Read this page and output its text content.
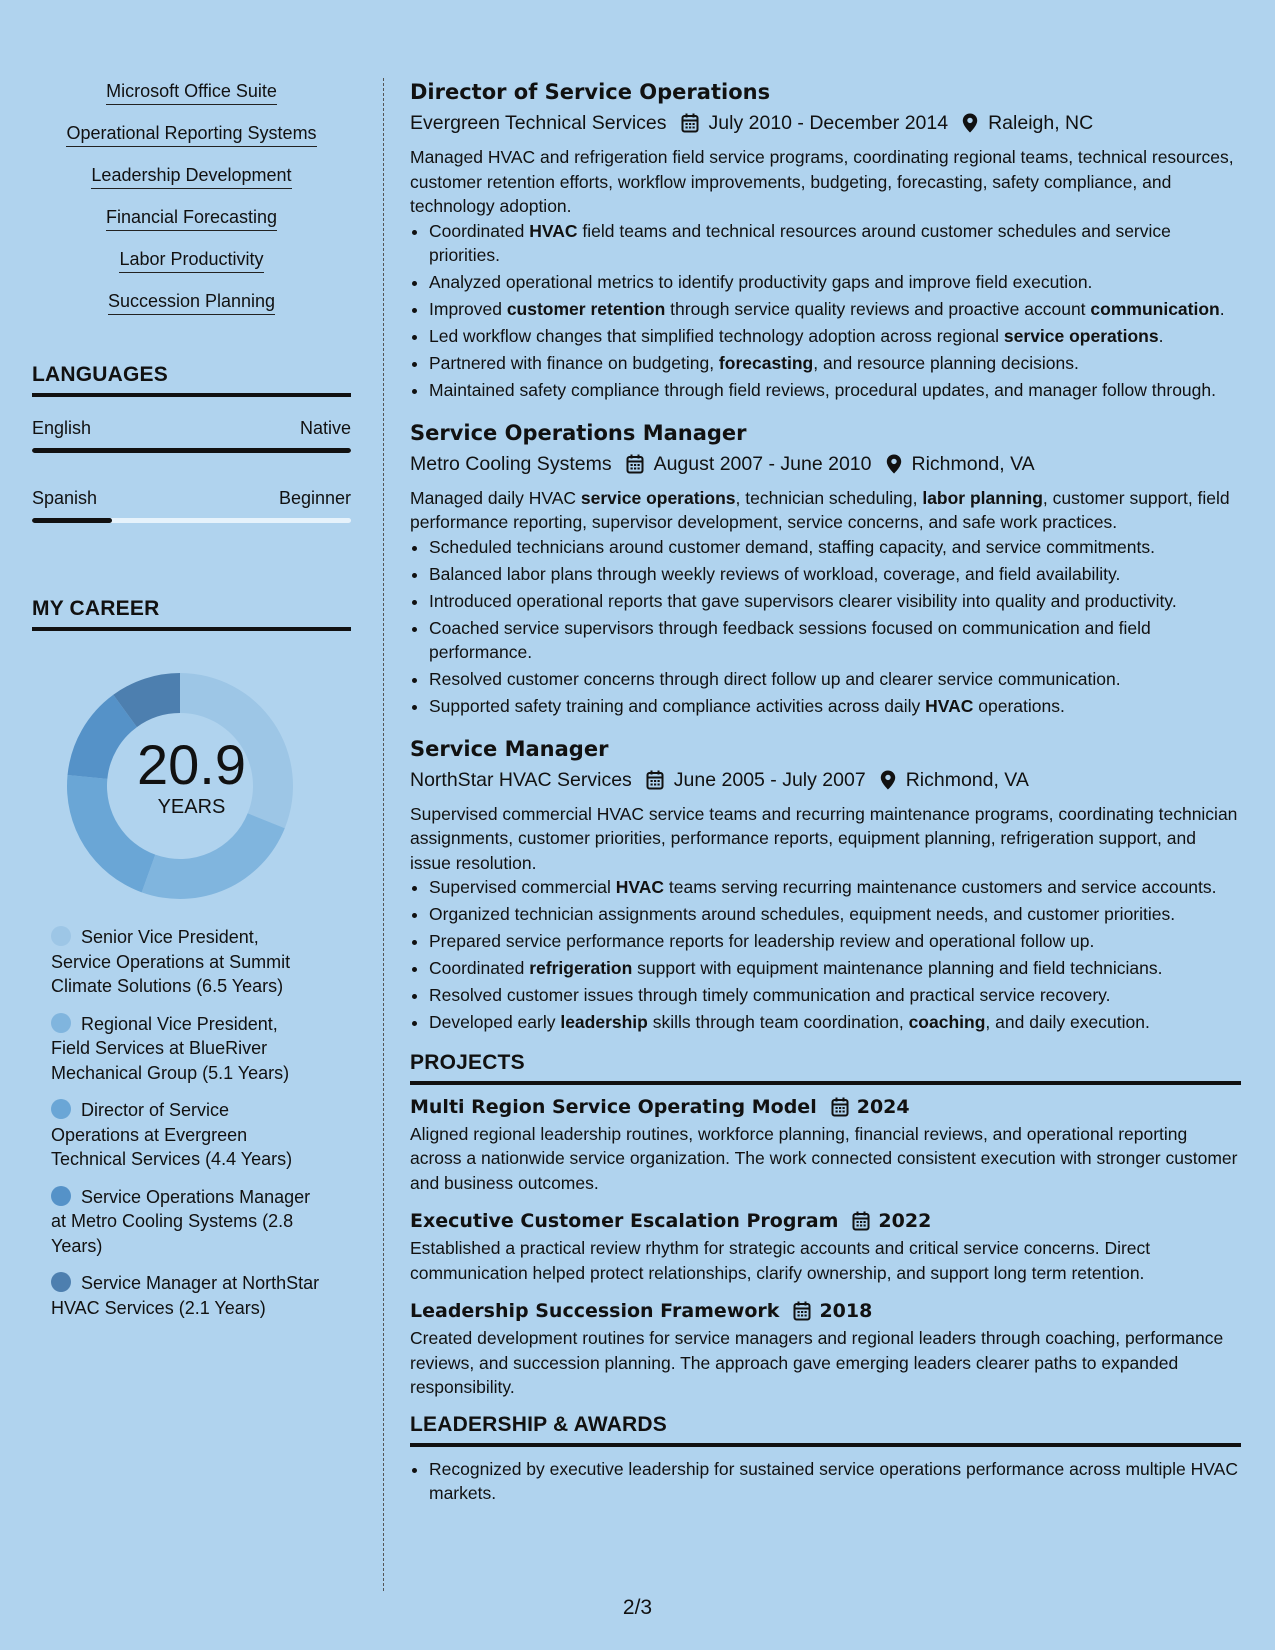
Microsoft Office Suite
Operational Reporting Systems
Leadership Development
Financial Forecasting
Labor Productivity
Succession Planning
LANGUAGES
English	Native
Spanish	Beginner
MY CAREER
20.9
YEARS
Senior Vice President, Service Operations at Summit Climate Solutions (6.5 Years)
Regional Vice President, Field Services at BlueRiver Mechanical Group (5.1 Years)
Director of Service Operations at Evergreen Technical Services (4.4 Years)
Service Operations Manager at Metro Cooling Systems (2.8 Years)
Service Manager at NorthStar HVAC Services (2.1 Years)
Director of Service Operations
Evergreen Technical Services July 2010 - December 2014 Raleigh, NC
Managed HVAC and refrigeration field service programs, coordinating regional teams, technical resources, customer retention efforts, workflow improvements, budgeting, forecasting, safety compliance, and technology adoption.
• Coordinated HVAC field teams and technical resources around customer schedules and service priorities.
• Analyzed operational metrics to identify productivity gaps and improve field execution.
• Improved customer retention through service quality reviews and proactive account communication.
• Led workflow changes that simplified technology adoption across regional service operations.
• Partnered with finance on budgeting, forecasting, and resource planning decisions.
• Maintained safety compliance through field reviews, procedural updates, and manager follow through.
Service Operations Manager
Metro Cooling Systems August 2007 - June 2010 Richmond, VA
Managed daily HVAC service operations, technician scheduling, labor planning, customer support, field performance reporting, supervisor development, service concerns, and safe work practices.
• Scheduled technicians around customer demand, staffing capacity, and service commitments.
• Balanced labor plans through weekly reviews of workload, coverage, and field availability.
• Introduced operational reports that gave supervisors clearer visibility into quality and productivity.
• Coached service supervisors through feedback sessions focused on communication and field performance.
• Resolved customer concerns through direct follow up and clearer service communication.
• Supported safety training and compliance activities across daily HVAC operations.
Service Manager
NorthStar HVAC Services June 2005 - July 2007 Richmond, VA
Supervised commercial HVAC service teams and recurring maintenance programs, coordinating technician assignments, customer priorities, performance reports, equipment planning, refrigeration support, and issue resolution.
• Supervised commercial HVAC teams serving recurring maintenance customers and service accounts.
• Organized technician assignments around schedules, equipment needs, and customer priorities.
• Prepared service performance reports for leadership review and operational follow up.
• Coordinated refrigeration support with equipment maintenance planning and field technicians.
• Resolved customer issues through timely communication and practical service recovery.
• Developed early leadership skills through team coordination, coaching, and daily execution.
PROJECTS
Multi Region Service Operating Model 2024
Aligned regional leadership routines, workforce planning, financial reviews, and operational reporting across a nationwide service organization. The work connected consistent execution with stronger customer and business outcomes.
Executive Customer Escalation Program 2022
Established a practical review rhythm for strategic accounts and critical service concerns. Direct communication helped protect relationships, clarify ownership, and support long term retention.
Leadership Succession Framework 2018
Created development routines for service managers and regional leaders through coaching, performance reviews, and succession planning. The approach gave emerging leaders clearer paths to expanded responsibility.
LEADERSHIP & AWARDS
• Recognized by executive leadership for sustained service operations performance across multiple HVAC markets.
2/3
